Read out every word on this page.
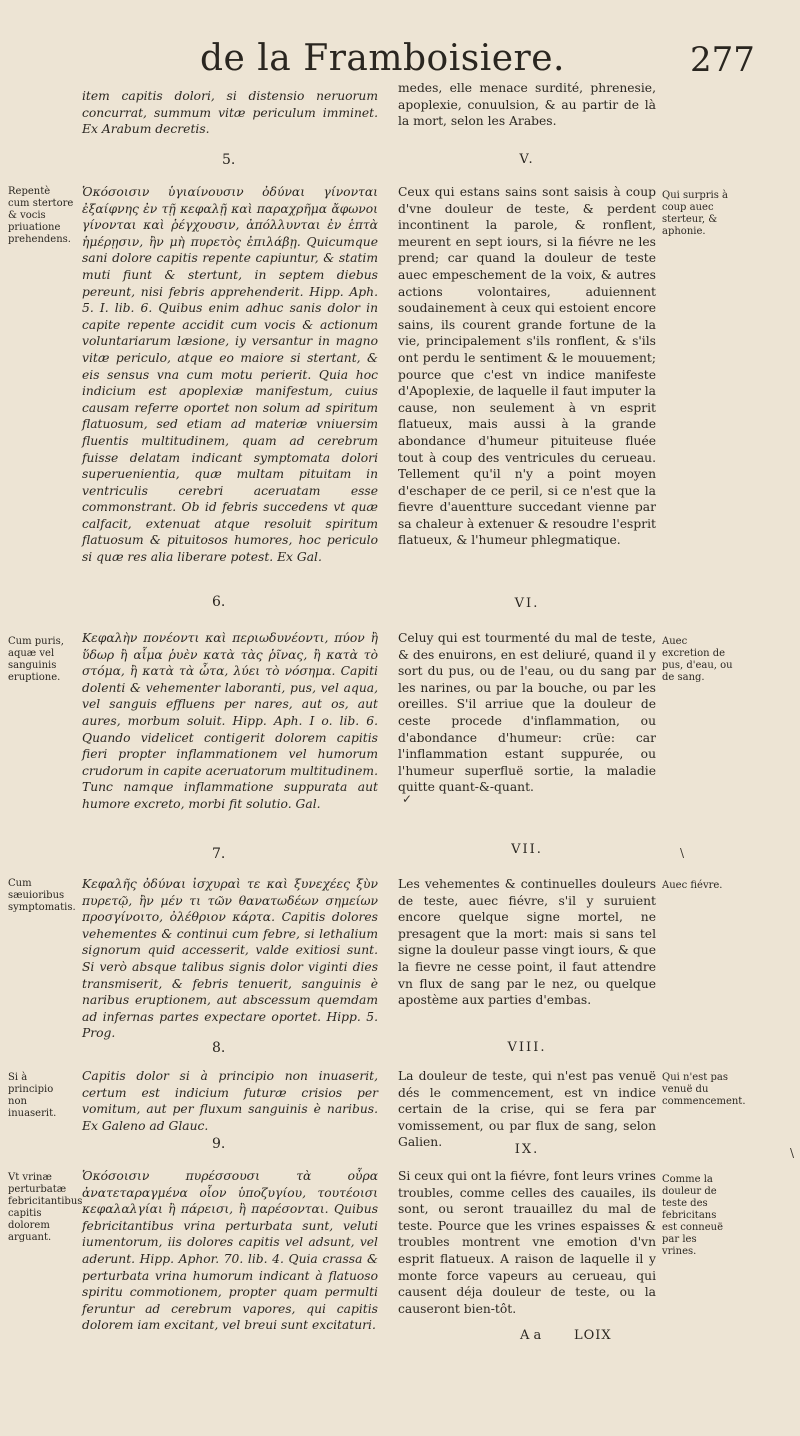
de la Framboisiere.	277
item capitis dolori, si distensio neruorum concurrat, summum vitæ periculum imminet. Ex Arabum decretis.
medes, elle menace surdité, phrenesie, apoplexie, conuulsion, & au partir de là la mort, selon les Arabes.
5.	V.
Repentè cum stertore & vocis priuatione prehendens.
Ὁκόσοισιν ὑγιαίνουσιν ὀδύναι γίνονται ἐξαίφνης ἐν τῇ κεφαλῇ καὶ παραχρῆμα ἄφωνοι γίνονται καὶ ῥέγχουσιν, ἀπόλλυνται ἐν ἑπτὰ ἡμέρῃσιν, ἢν μὴ πυρετὸς ἐπιλάβῃ. Quicumque sani dolore capitis repente capiuntur, & statim muti fiunt & stertunt, in septem diebus pereunt, nisi febris apprehenderit. Hipp. Aph. 5. I. lib. 6. Quibus enim adhuc sanis dolor in capite repente accidit cum vocis & actionum voluntariarum læsione, iy versantur in magno vitæ periculo, atque eo maiore si stertant, & eis sensus vna cum motu perierit. Quia hoc indicium est apoplexiæ manifestum, cuius causam referre oportet non solum ad spiritum flatuosum, sed etiam ad materiæ vniuersim fluentis multitudinem, quam ad cerebrum fuisse delatam indicant symptomata dolori superuenientia, quæ multam pituitam in ventriculis cerebri aceruatam esse commonstrant. Ob id febris succedens vt quæ calfacit, extenuat atque resoluit spiritum flatuosum & pituitosos humores, hoc periculo si quæ res alia liberare potest. Ex Gal.
Ceux qui estans sains sont saisis à coup d'vne douleur de teste, & perdent incontinent la parole, & ronflent, meurent en sept iours, si la fiévre ne les prend; car quand la douleur de teste auec empeschement de la voix, & autres actions volontaires, aduiennent soudainement à ceux qui estoient encore sains, ils courent grande fortune de la vie, principalement s'ils ronflent, & s'ils ont perdu le sentiment & le mouuement; pource que c'est vn indice manifeste d'Apoplexie, de laquelle il faut imputer la cause, non seulement à vn esprit flatueux, mais aussi à la grande abondance d'humeur pituiteuse fluée tout à coup des ventricules du cerueau. Tellement qu'il n'y a point moyen d'eschaper de ce peril, si ce n'est que la fievre d'auentture succedant vienne par sa chaleur à extenuer & resoudre l'esprit flatueux, & l'humeur phlegmatique.
Qui surpris à coup auec sterteur, & aphonie.
6.	VI.
Cum puris, aquæ vel sanguinis eruptione.
Κεφαλὴν πονέοντι καὶ περιωδυνέοντι, πύον ἢ ὕδωρ ἢ αἷμα ῥυὲν κατὰ τὰς ῥῖνας, ἢ κατὰ τὸ στόμα, ἢ κατὰ τὰ ὦτα, λύει τὸ νόσημα. Capiti dolenti & vehementer laboranti, pus, vel aqua, vel sanguis effluens per nares, aut os, aut aures, morbum soluit. Hipp. Aph. I o. lib. 6. Quando videlicet contigerit dolorem capitis fieri propter inflammationem vel humorum crudorum in capite aceruatorum multitudinem. Tunc namque inflammatione suppurata aut humore excreto, morbi fit solutio. Gal.
Celuy qui est tourmenté du mal de teste, & des enuirons, en est deliuré, quand il y sort du pus, ou de l'eau, ou du sang par les narines, ou par la bouche, ou par les oreilles. S'il arriue que la douleur de ceste procede d'inflammation, ou d'abondance d'humeur: crüe: car l'inflammation estant suppurée, ou l'humeur superfluë sortie, la maladie quitte quant-&-quant.
Auec excretion de pus, d'eau, ou de sang.
✓
7.	VII.
Cum sæuioribus symptomatis.
Κεφαλῆς ὀδύναι ἰσχυραὶ τε καὶ ξυνεχέες ξὺν πυρετῷ, ἢν μέν τι τῶν θανατωδέων σημείων προσγίνοιτο, ὀλέθριον κάρτα. Capitis dolores vehementes & continui cum febre, si lethalium signorum quid accesserit, valde exitiosi sunt. Si verò absque talibus signis dolor viginti dies transmiserit, & febris tenuerit, sanguinis è naribus eruptionem, aut abscessum quemdam ad infernas partes expectare oportet. Hipp. 5. Prog.
Les vehementes & continuelles douleurs de teste, auec fiévre, s'il y suruient encore quelque signe mortel, ne presagent que la mort: mais si sans tel signe la douleur passe vingt iours, & que la fievre ne cesse point, il faut attendre vn flux de sang par le nez, ou quelque apostème aux parties d'embas.
Auec fiévre.
\
8.	VIII.
Si à principio non inuaserit.
Capitis dolor si à principio non inuaserit, certum est indicium futuræ crisios per vomitum, aut per fluxum sanguinis è naribus. Ex Galeno ad Glauc.
La douleur de teste, qui n'est pas venuë dés le commencement, est vn indice certain de la crise, qui se fera par vomissement, ou par flux de sang, selon Galien.
Qui n'est pas venuë du commencement.
9.	IX.
Vt vrinæ perturbatæ febricitantibus capitis dolorem arguant.
Ὁκόσοισιν πυρέσσουσι τὰ οὖρα ἀνατεταραγμένα οἷον ὑποζυγίου, τουτέοισι κεφαλαλγίαι ἢ πάρεισι, ἢ παρέσονται. Quibus febricitantibus vrina perturbata sunt, veluti iumentorum, iis dolores capitis vel adsunt, vel aderunt. Hipp. Aphor. 70. lib. 4. Quia crassa & perturbata vrina humorum indicant à flatuoso spiritu commotionem, propter quam permulti feruntur ad cerebrum vapores, qui capitis dolorem iam excitant, vel breui sunt excitaturi.
Si ceux qui ont la fiévre, font leurs vrines troubles, comme celles des cauailes, ils sont, ou seront trauaillez du mal de teste. Pource que les vrines espaisses & troubles montrent vne emotion d'vn esprit flatueux. A raison de laquelle il y monte force vapeurs au cerueau, qui causent déja douleur de teste, ou la causeront bien-tôt.
Comme la douleur de teste des febricitans est conneuë par les vrines.
\
A a	LOIX
